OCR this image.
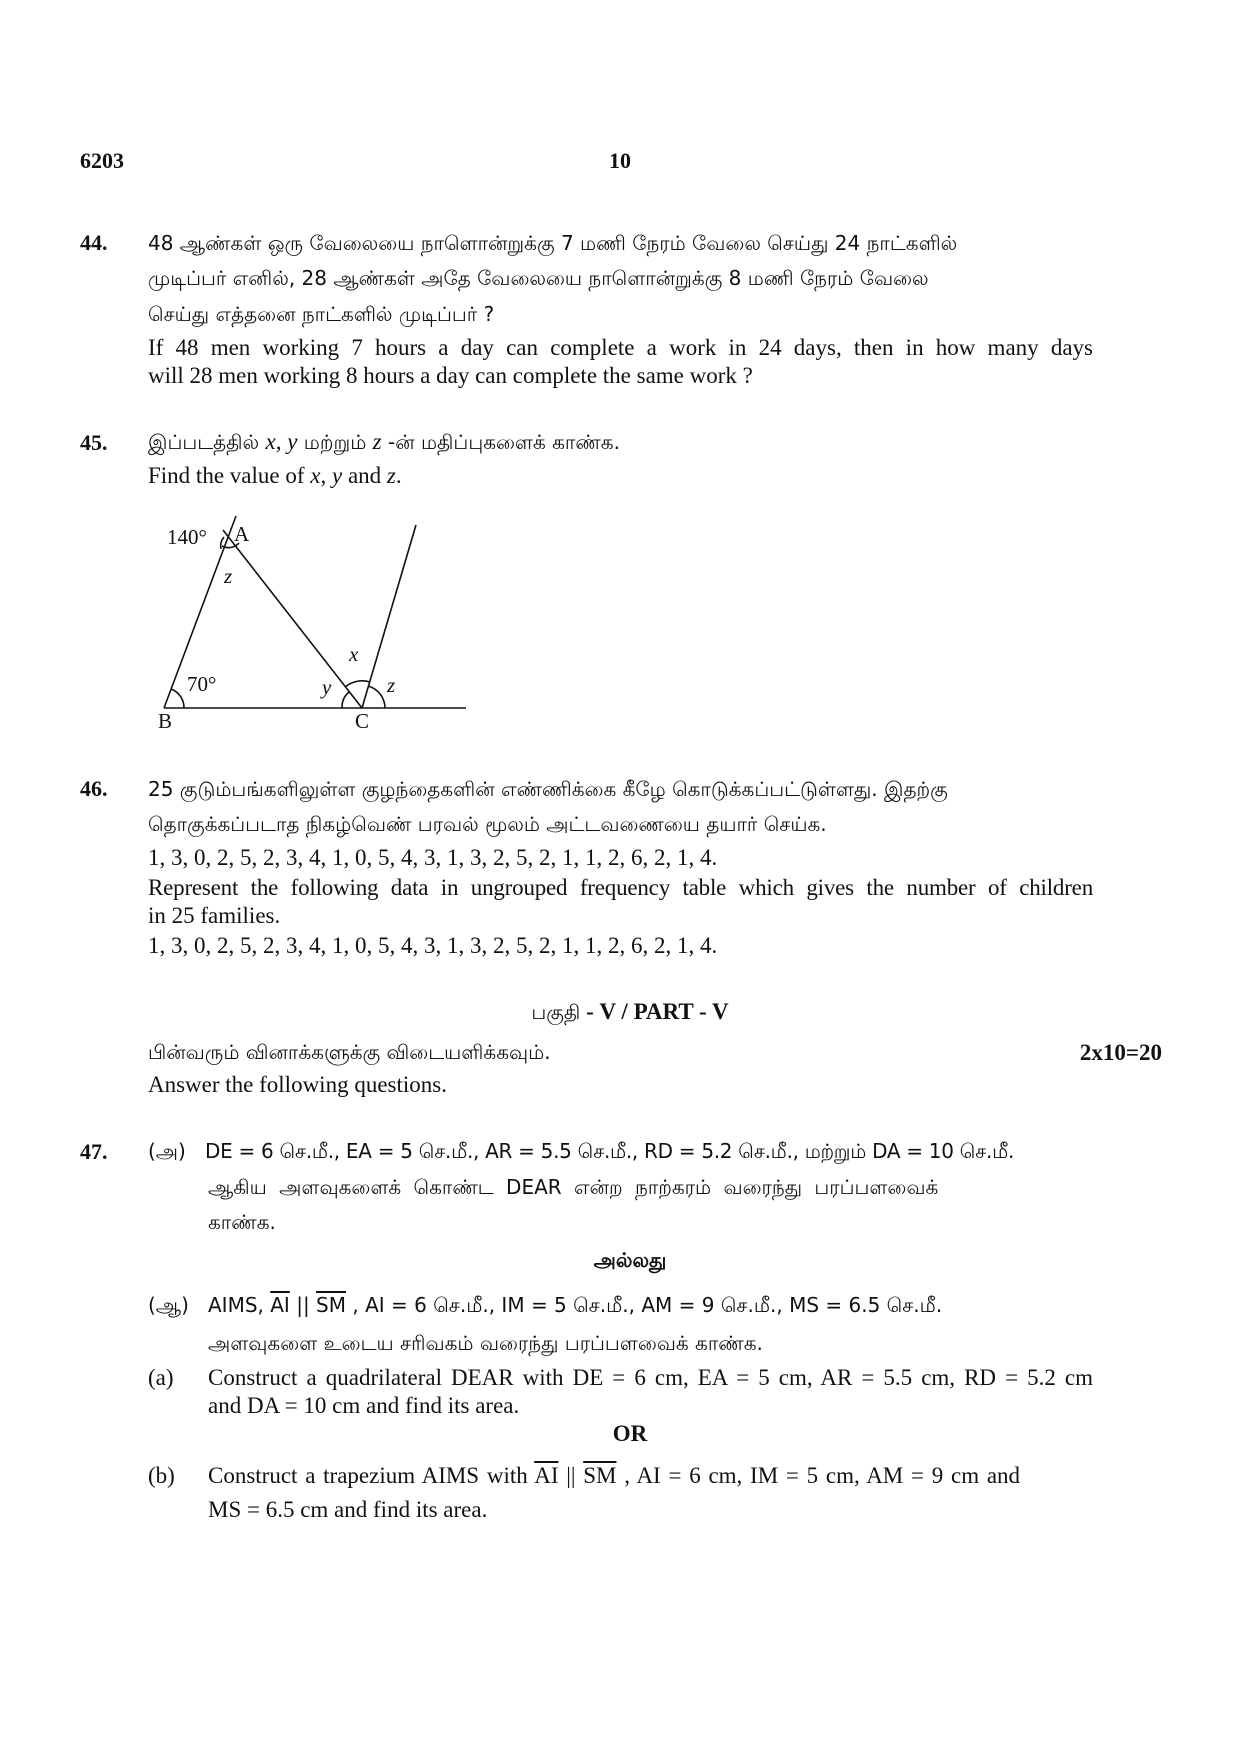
6203	10
44. 48 ஆண்கள் ஒரு வேலையை நாளொன்றுக்கு 7 மணி நேரம் வேலை செய்து 24 நாட்களில்
முடிப்பர் எனில், 28 ஆண்கள் அதே வேலையை நாளொன்றுக்கு 8 மணி நேரம் வேலை
செய்து எத்தனை நாட்களில் முடிப்பர் ?
If 48 men working 7 hours a day can complete a work in 24 days, then in how many days
will 28 men working 8 hours a day can complete the same work ?
45. இப்படத்தில் x, y மற்றும் z -ன் மதிப்புகளைக் காண்க.
Find the value of x, y and z.
140° A
z
70°
B
x
y	z
C
46. 25 குடும்பங்களிலுள்ள குழந்தைகளின் எண்ணிக்கை கீழே கொடுக்கப்பட்டுள்ளது. இதற்கு
தொகுக்கப்படாத நிகழ்வெண் பரவல் மூலம் அட்டவணையை தயார் செய்க.
1, 3, 0, 2, 5, 2, 3, 4, 1, 0, 5, 4, 3, 1, 3, 2, 5, 2, 1, 1, 2, 6, 2, 1, 4.
Represent the following data in ungrouped frequency table which gives the number of children
in 25 families.
1, 3, 0, 2, 5, 2, 3, 4, 1, 0, 5, 4, 3, 1, 3, 2, 5, 2, 1, 1, 2, 6, 2, 1, 4.
பகுதி - V / PART - V
பின்வரும் வினாக்களுக்கு விடையளிக்கவும்.	2x10=20
Answer the following questions.
47. (அ) DE = 6 செ.மீ., EA = 5 செ.மீ., AR = 5.5 செ.மீ., RD = 5.2 செ.மீ., மற்றும் DA = 10 செ.மீ.
ஆகிய அளவுகளைக் கொண்ட DEAR என்ற நாற்கரம் வரைந்து பரப்பளவைக்
காண்க.
அல்லது
(ஆ) AIMS, $\overline{AI}$ || $\overline{SM}$ , AI = 6 செ.மீ., IM = 5 செ.மீ., AM = 9 செ.மீ., MS = 6.5 செ.மீ.
அளவுகளை உடைய சரிவகம் வரைந்து பரப்பளவைக் காண்க.
(a) Construct a quadrilateral DEAR with DE = 6 cm, EA = 5 cm, AR = 5.5 cm, RD = 5.2 cm
and DA = 10 cm and find its area.
OR
(b) Construct a trapezium AIMS with $\overline{AI}$ || $\overline{SM}$ , AI = 6 cm, IM = 5 cm, AM = 9 cm and
MS = 6.5 cm and find its area.
